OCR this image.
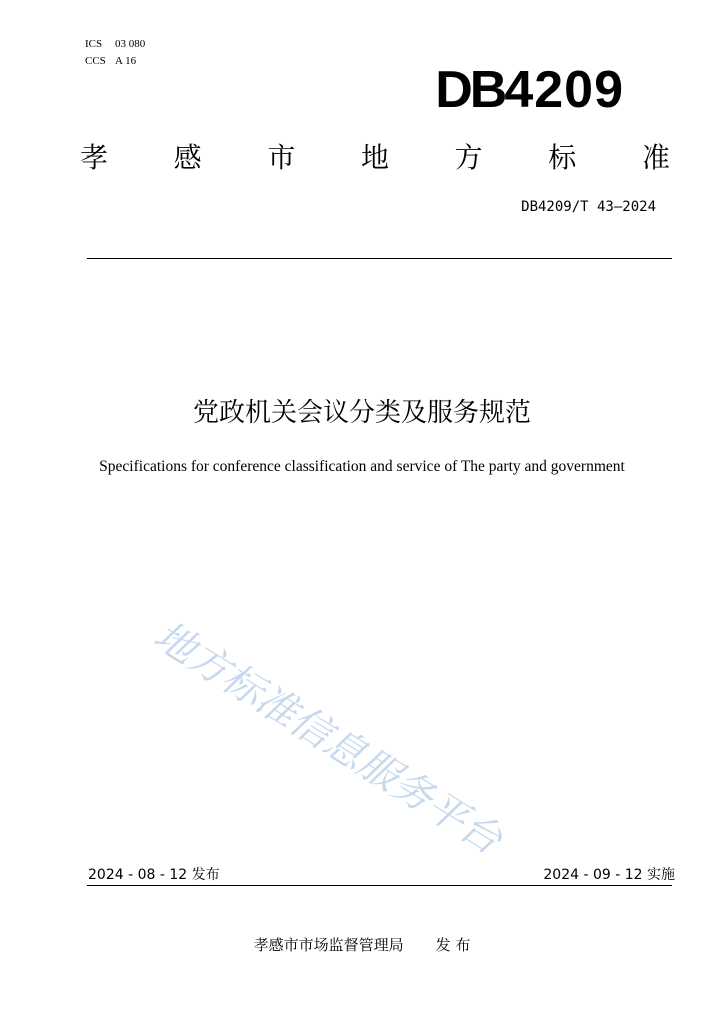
ICS 03 080
CCS A 16	DB4209
孝 感 市 地 方 标 准
DB4209/T 43—2024
党政机关会议分类及服务规范
Specifications for conference classification and service of The party and government
地方标准信息服务平台
2024 - 08 - 12 发布	2024 - 09 - 12 实施
孝感市市场监督管理局 发 布
